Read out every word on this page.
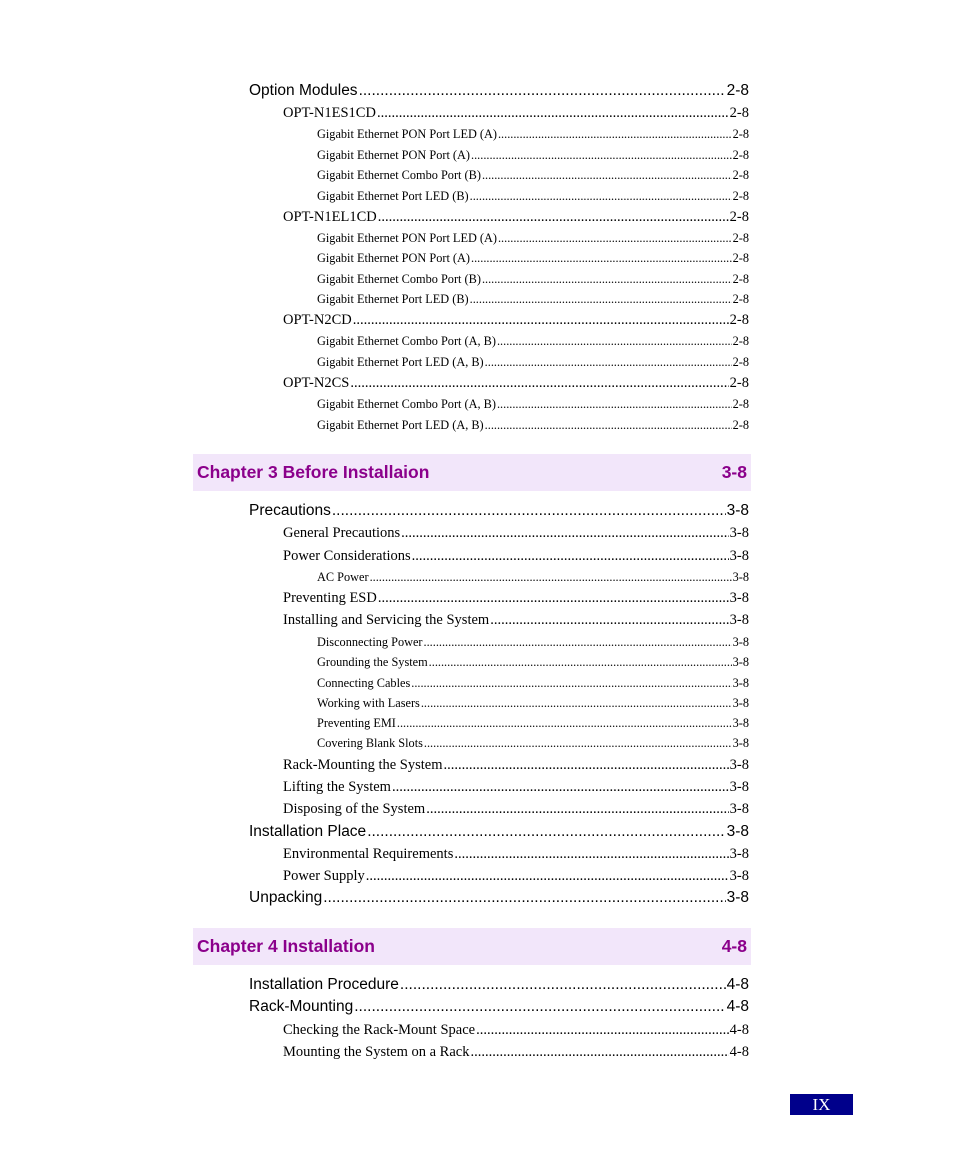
Option Modules .....	2-8
OPT-N1ES1CD .....	2-8
Gigabit Ethernet PON Port LED (A) .....	2-8
Gigabit Ethernet PON Port (A) .....	2-8
Gigabit Ethernet Combo Port (B) .....	2-8
Gigabit Ethernet Port LED (B) .....	2-8
OPT-N1EL1CD .....	2-8
Gigabit Ethernet PON Port LED (A) .....	2-8
Gigabit Ethernet PON Port (A) .....	2-8
Gigabit Ethernet Combo Port (B) .....	2-8
Gigabit Ethernet Port LED (B) .....	2-8
OPT-N2CD .....	2-8
Gigabit Ethernet Combo Port (A, B) .....	2-8
Gigabit Ethernet Port LED (A, B) .....	2-8
OPT-N2CS .....	2-8
Gigabit Ethernet Combo Port (A, B) .....	2-8
Gigabit Ethernet Port LED (A, B) .....	2-8
Chapter 3 Before Installaion	3-8
Precautions .....	3-8
General Precautions .....	3-8
Power Considerations .....	3-8
AC Power .....	3-8
Preventing ESD .....	3-8
Installing and Servicing the System .....	3-8
Disconnecting Power .....	3-8
Grounding the System .....	3-8
Connecting Cables .....	3-8
Working with Lasers .....	3-8
Preventing EMI .....	3-8
Covering Blank Slots .....	3-8
Rack-Mounting the System .....	3-8
Lifting the System .....	3-8
Disposing of the System .....	3-8
Installation Place .....	3-8
Environmental Requirements .....	3-8
Power Supply .....	3-8
Unpacking .....	3-8
Chapter 4 Installation	4-8
Installation Procedure .....	4-8
Rack-Mounting .....	4-8
Checking the Rack-Mount Space .....	4-8
Mounting the System on a Rack .....	4-8
IX
